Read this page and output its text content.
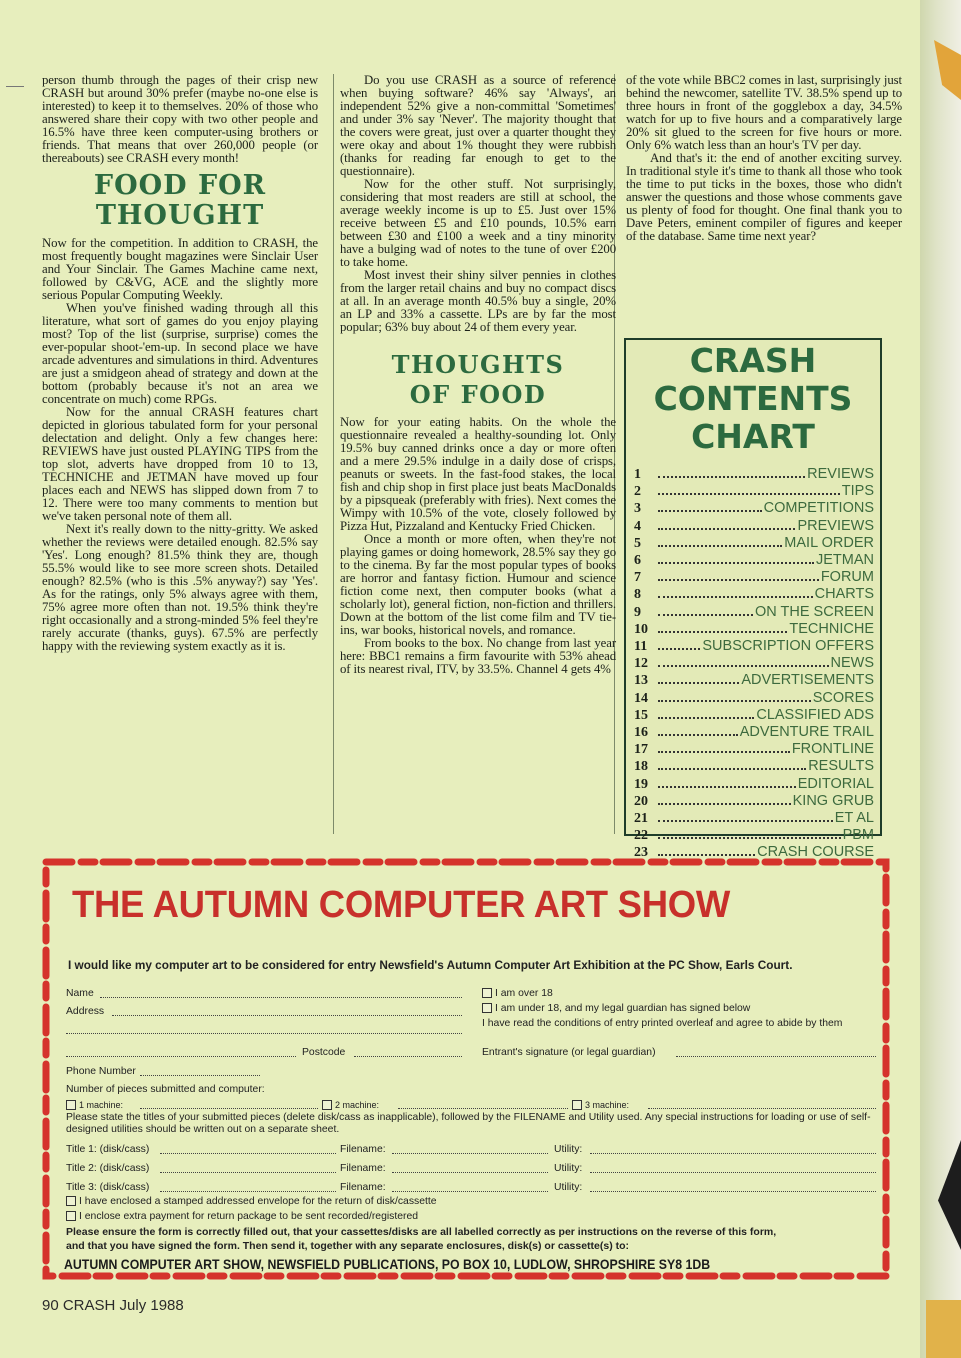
person thumb through the pages of their crisp new CRASH but around 30% prefer (maybe no-one else is interested) to keep it to themselves. 20% of those who answered share their copy with two other people and 16.5% have three keen computer-using brothers or friends. That means that over 260,000 people (or thereabouts) see CRASH every month!

FOOD FOR
THOUGHT

Now for the competition. In addition to CRASH, the most frequently bought magazines were Sinclair User and Your Sinclair. The Games Machine came next, followed by C&VG, ACE and the slightly more serious Popular Computing Weekly.

When you've finished wading through all this literature, what sort of games do you enjoy playing most? Top of the list (surprise, surprise) comes the ever-popular shoot-'em-up. In second place we have arcade adventures and simulations in third. Adventures are just a smidgeon ahead of strategy and down at the bottom (probably because it's not an area we concentrate on much) come RPGs.

Now for the annual CRASH features chart depicted in glorious tabulated form for your personal delectation and delight. Only a few changes here: REVIEWS have just ousted PLAYING TIPS from the top slot, adverts have dropped from 10 to 13, TECHNICHE and JETMAN have moved up four places each and NEWS has slipped down from 7 to 12. There were too many comments to mention but we've taken personal note of them all.

Next it's really down to the nitty-gritty. We asked whether the reviews were detailed enough. 82.5% say 'Yes'. Long enough? 81.5% think they are, though 55.5% would like to see more screen shots. Detailed enough? 82.5% (who is this .5% anyway?) say 'Yes'. As for the ratings, only 5% always agree with them, 75% agree more often than not. 19.5% think they're right occasionally and a strong-minded 5% feel they're rarely accurate (thanks, guys). 67.5% are perfectly happy with the reviewing system exactly as it is.

Do you use CRASH as a source of reference when buying software? 46% say 'Always', an independent 52% give a non-committal 'Sometimes' and under 3% say 'Never'. The majority thought that the covers were great, just over a quarter thought they were okay and about 1% thought they were rubbish (thanks for reading far enough to get to the questionnaire).

Now for the other stuff. Not surprisingly, considering that most readers are still at school, the average weekly income is up to £5. Just over 15% receive between £5 and £10 pounds, 10.5% earn between £30 and £100 a week and a tiny minority have a bulging wad of notes to the tune of over £200 to take home.

Most invest their shiny silver pennies in clothes from the larger retail chains and buy no compact discs at all. In an average month 40.5% buy a single, 20% an LP and 33% a cassette. LPs are by far the most popular; 63% buy about 24 of them every year.

THOUGHTS
OF FOOD

Now for your eating habits. On the whole the questionnaire revealed a healthy-sounding lot. Only 19.5% buy canned drinks once a day or more often and a mere 29.5% indulge in a daily dose of crisps, peanuts or sweets. In the fast-food stakes, the local fish and chip shop in first place just beats MacDonalds by a pipsqueak (preferably with fries). Next comes the Wimpy with 10.5% of the vote, closely followed by Pizza Hut, Pizzaland and Kentucky Fried Chicken.

Once a month or more often, when they're not playing games or doing homework, 28.5% say they go to the cinema. By far the most popular types of books are horror and fantasy fiction. Humour and science fiction come next, then computer books (what a scholarly lot), general fiction, non-fiction and thrillers. Down at the bottom of the list come film and TV tie-ins, war books, historical novels, and romance.

From books to the box. No change from last year here: BBC1 remains a firm favourite with 53% ahead of its nearest rival, ITV, by 33.5%. Channel 4 gets 4%

of the vote while BBC2 comes in last, surprisingly just behind the newcomer, satellite TV. 38.5% spend up to three hours in front of the gogglebox a day, 34.5% watch for up to five hours and a comparatively large 20% sit glued to the screen for five hours or more. Only 6% watch less than an hour's TV per day.

And that's it: the end of another exciting survey. In traditional style it's time to thank all those who took the time to put ticks in the boxes, those who didn't answer the questions and those whose comments gave us plenty of food for thought. One final thank you to Dave Peters, eminent compiler of figures and keeper of the database. Same time next year?

CRASH
CONTENTS
CHART
1	REVIEWS
2	TIPS
3	COMPETITIONS
4	PREVIEWS
5	MAIL ORDER
6	JETMAN
7	FORUM
8	CHARTS
9	ON THE SCREEN
10	TECHNICHE
11	SUBSCRIPTION OFFERS
12	NEWS
13	ADVERTISEMENTS
14	SCORES
15	CLASSIFIED ADS
16	ADVENTURE TRAIL
17	FRONTLINE
18	RESULTS
19	EDITORIAL
20	KING GRUB
21	ET AL
22	PBM
23	CRASH COURSE
THE AUTUMN COMPUTER ART SHOW
I would like my computer art to be considered for entry Newsfield's Autumn Computer Art Exhibition at the PC Show, Earls Court.
Name
Address
Postcode
I am over 18
I am under 18, and my legal guardian has signed below
I have read the conditions of entry printed overleaf and agree to abide by them
Entrant's signature (or legal guardian)
Phone Number
Number of pieces submitted and computer:
1 machine:	2 machine:	3 machine:
Please state the titles of your submitted pieces (delete disk/cass as inapplicable), followed by the FILENAME and Utility used. Any special instructions for loading or use of self-designed utilities should be written out on a separate sheet.
Title 1: (disk/cass)	Filename:	Utility:
Title 2: (disk/cass)	Filename:	Utility:
Title 3: (disk/cass)	Filename:	Utility:
I have enclosed a stamped addressed envelope for the return of disk/cassette
I enclose extra payment for return package to be sent recorded/registered
Please ensure the form is correctly filled out, that your cassettes/disks are all labelled correctly as per instructions on the reverse of this form,
and that you have signed the form. Then send it, together with any separate enclosures, disk(s) or cassette(s) to:
AUTUMN COMPUTER ART SHOW, NEWSFIELD PUBLICATIONS, PO BOX 10, LUDLOW, SHROPSHIRE SY8 1DB
90 CRASH July 1988
